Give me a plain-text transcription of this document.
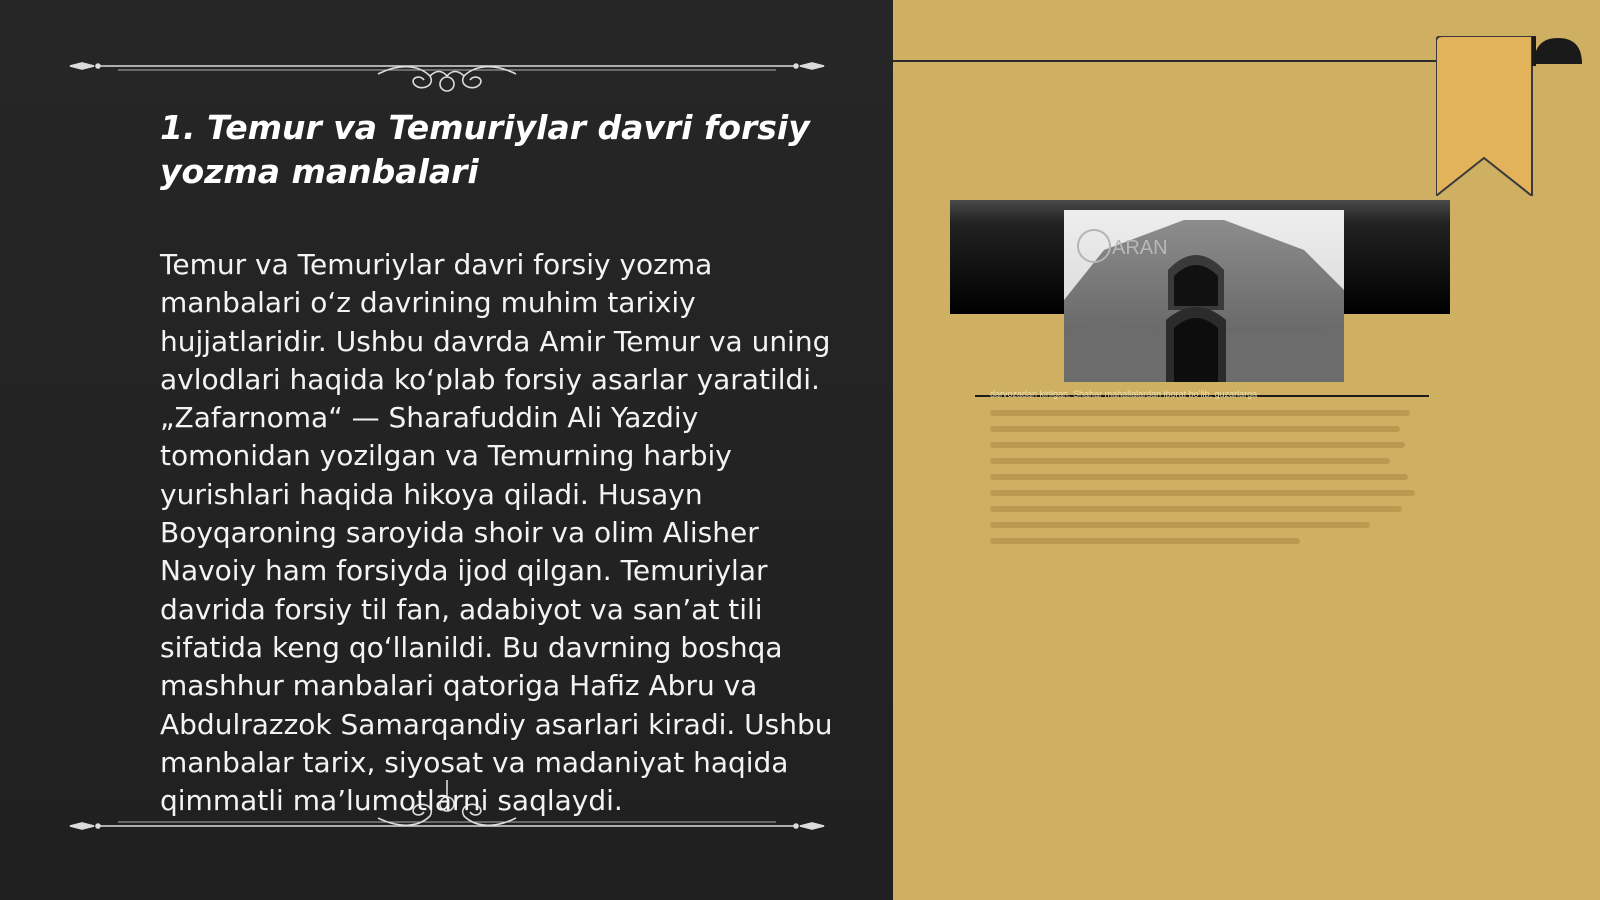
1. Temur va Temuriylar davri forsiy yozma manbalari

Temur va Temuriylar davri forsiy yozma manbalari o‘z davrining muhim tarixiy hujjatlaridir. Ushbu davrda Amir Temur va uning avlodlari haqida ko‘plab forsiy asarlar yaratildi. „Zafarnoma“ — Sharafuddin Ali Yazdiy tomonidan yozilgan va Temurning harbiy yurishlari haqida hikoya qiladi. Husayn Boyqaroning saroyida shoir va olim Alisher Navoiy ham forsiyda ijod qilgan. Temuriylar davrida forsiy til fan, adabiyot va san’at tili sifatida keng qo‘llanildi. Bu davrning boshqa mashhur manbalari qatoriga Hafiz Abru va Abdulrazzok Samarqandiy asarlari kiradi. Ushbu manbalar tarix, siyosat va madaniyat haqida qimmatli ma’lumotlarni saqlaydi.

ARAN
darvozadan kirilgan. Shahar mahallalardan iborat bo‘lib, guzarlarga
